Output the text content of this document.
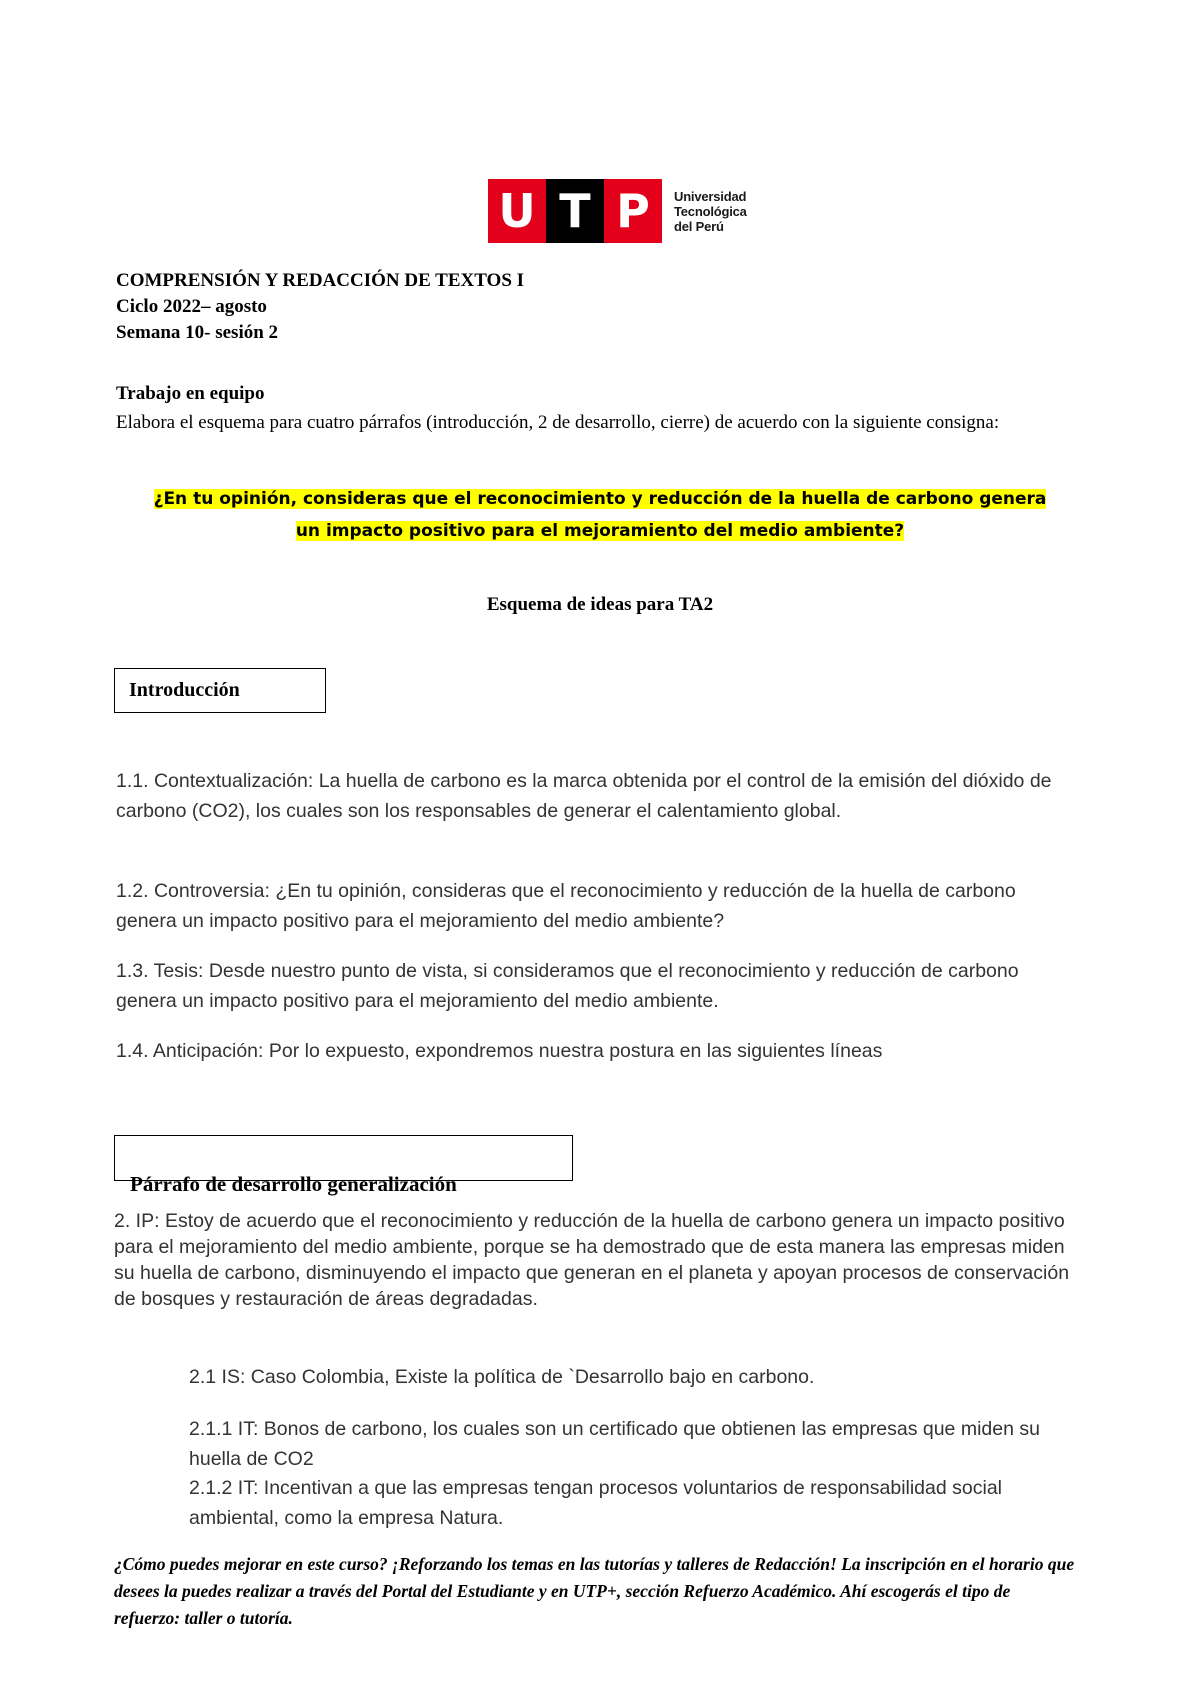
U T P	Universidad
Tecnológica
del Perú
COMPRENSIÓN Y REDACCIÓN DE TEXTOS I
Ciclo 2022– agosto
Semana 10- sesión 2
Trabajo en equipo
Elabora el esquema para cuatro párrafos (introducción, 2 de desarrollo, cierre) de acuerdo con la siguiente consigna:
¿En tu opinión, consideras que el reconocimiento y reducción de la huella de carbono genera
un impacto positivo para el mejoramiento del medio ambiente?
Esquema de ideas para TA2
Introducción
1.1. Contextualización: La huella de carbono es la marca obtenida por el control de la emisión del dióxido de carbono (CO2), los cuales son los responsables de generar el calentamiento global.
1.2. Controversia: ¿En tu opinión, consideras que el reconocimiento y reducción de la huella de carbono genera un impacto positivo para el mejoramiento del medio ambiente?
1.3. Tesis: Desde nuestro punto de vista, si consideramos que el reconocimiento y reducción de carbono genera un impacto positivo para el mejoramiento del medio ambiente.
1.4. Anticipación: Por lo expuesto, expondremos nuestra postura en las siguientes líneas
Párrafo de desarrollo generalización
2. IP: Estoy de acuerdo que el reconocimiento y reducción de la huella de carbono genera un impacto positivo para el mejoramiento del medio ambiente, porque se ha demostrado que de esta manera las empresas miden su huella de carbono, disminuyendo el impacto que generan en el planeta y apoyan procesos de conservación de bosques y restauración de áreas degradadas.
2.1 IS: Caso Colombia, Existe la política de `Desarrollo bajo en carbono.
2.1.1 IT: Bonos de carbono, los cuales son un certificado que obtienen las empresas que miden su huella de CO2
2.1.2 IT: Incentivan a que las empresas tengan procesos voluntarios de responsabilidad social ambiental, como la empresa Natura.
¿Cómo puedes mejorar en este curso? ¡Reforzando los temas en las tutorías y talleres de Redacción! La inscripción en el horario que desees la puedes realizar a través del Portal del Estudiante y en UTP+, sección Refuerzo Académico. Ahí escogerás el tipo de refuerzo: taller o tutoría.
